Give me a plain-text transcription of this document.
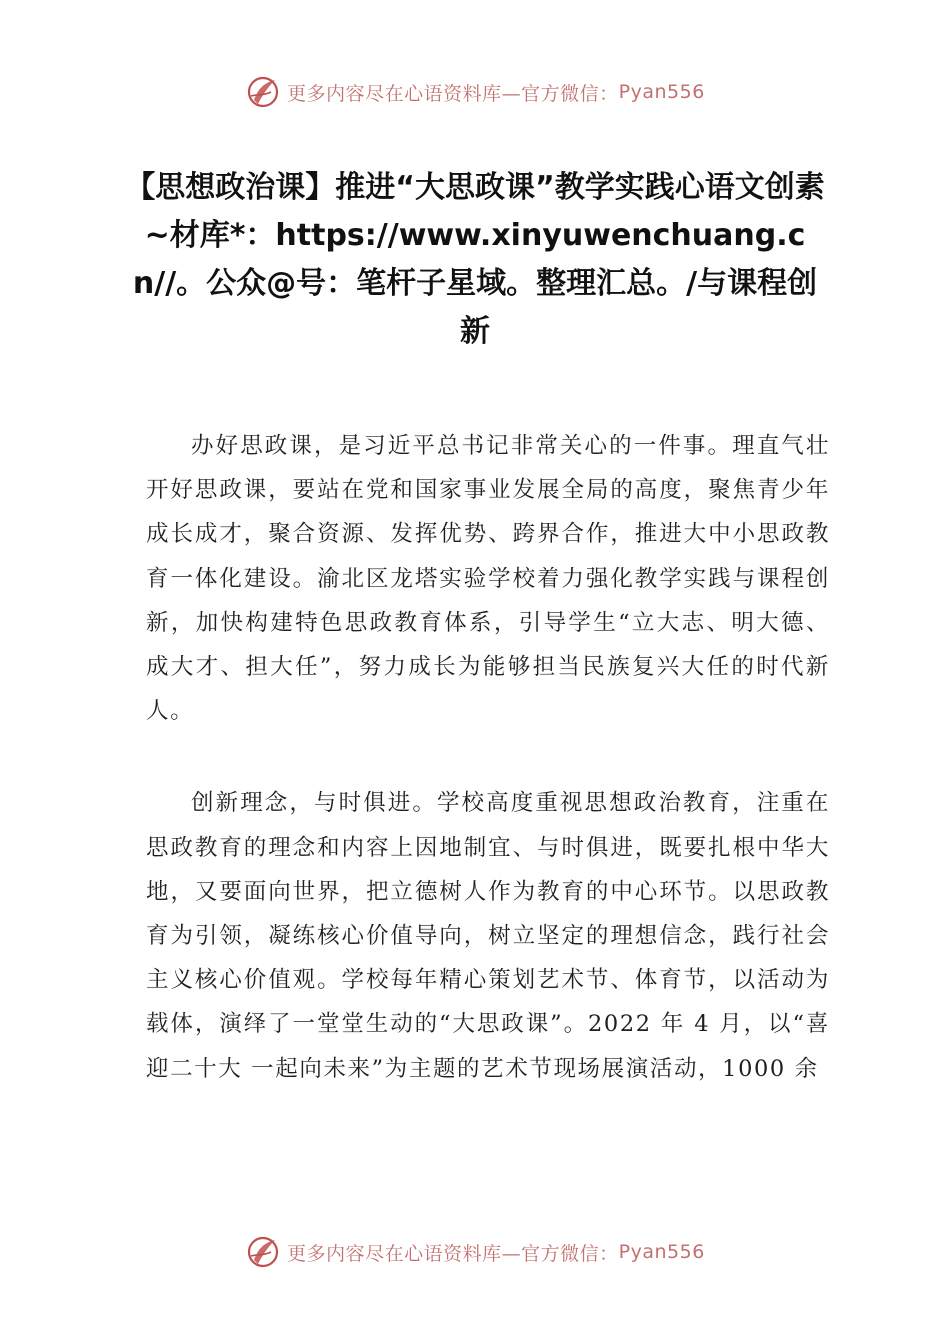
更多内容尽在心语资料库—官方微信： Pyan556
【思想政治课】推进“大思政课”教学实践心语文创素~材库*：https://www.xinyuwenchuang.cn//。公众@号：笔杆子星域。整理汇总。/与课程创新

办好思政课，是习近平总书记非常关心的一件事。理直气壮开好思政课，要站在党和国家事业发展全局的高度，聚焦青少年成长成才，聚合资源、发挥优势、跨界合作，推进大中小思政教育一体化建设。渝北区龙塔实验学校着力强化教学实践与课程创新，加快构建特色思政教育体系，引导学生“立大志、明大德、成大才、担大任”，努力成长为能够担当民族复兴大任的时代新人。

创新理念，与时俱进。学校高度重视思想政治教育，注重在思政教育的理念和内容上因地制宜、与时俱进，既要扎根中华大地，又要面向世界，把立德树人作为教育的中心环节。以思政教育为引领，凝练核心价值导向，树立坚定的理想信念，践行社会主义核心价值观。学校每年精心策划艺术节、体育节，以活动为载体，演绎了一堂堂生动的“大思政课”。2022 年 4 月，以“喜迎二十大 一起向未来”为主题的艺术节现场展演活动，1000 余

更多内容尽在心语资料库—官方微信： Pyan556
